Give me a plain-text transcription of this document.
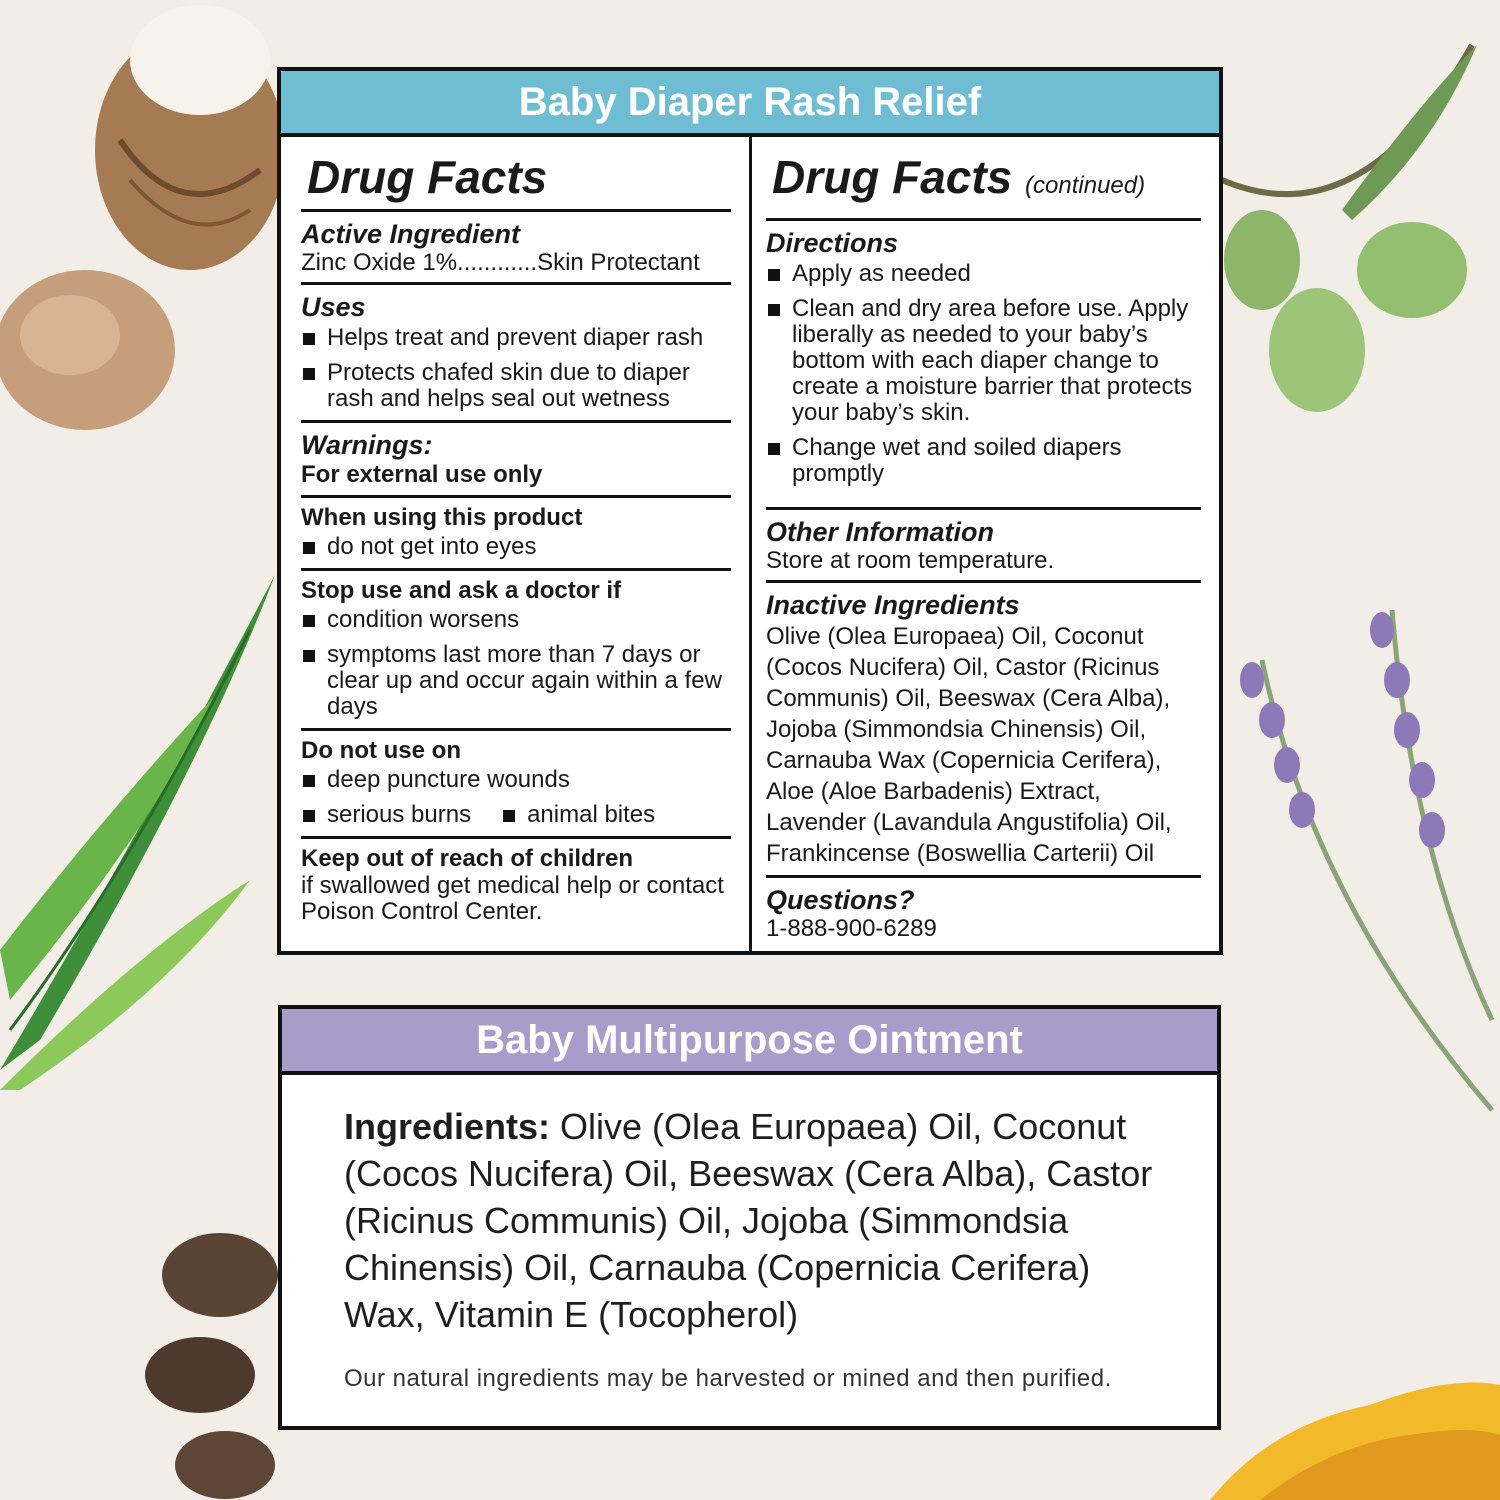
Baby Diaper Rash Relief
Drug Facts
Active Ingredient
Zinc Oxide 1%............Skin Protectant
Uses
Helps treat and prevent diaper rash
Protects chafed skin due to diaper rash and helps seal out wetness
Warnings:
For external use only
When using this product
do not get into eyes
Stop use and ask a doctor if
condition worsens
symptoms last more than 7 days or clear up and occur again within a few days
Do not use on
deep puncture wounds
serious burns	animal bites
Keep out of reach of children
if swallowed get medical help or contact Poison Control Center.
Drug Facts (continued)
Directions
Apply as needed
Clean and dry area before use. Apply liberally as needed to your baby’s bottom with each diaper change to create a moisture barrier that protects your baby’s skin.
Change wet and soiled diapers promptly
Other Information
Store at room temperature.
Inactive Ingredients
Olive (Olea Europaea) Oil, Coconut (Cocos Nucifera) Oil, Castor (Ricinus Communis) Oil, Beeswax (Cera Alba), Jojoba (Simmondsia Chinensis) Oil, Carnauba Wax (Copernicia Cerifera), Aloe (Aloe Barbadenis) Extract, Lavender (Lavandula Angustifolia) Oil, Frankincense (Boswellia Carterii) Oil
Questions?
1-888-900-6289
Baby Multipurpose Ointment
Ingredients: Olive (Olea Europaea) Oil, Coconut (Cocos Nucifera) Oil, Beeswax (Cera Alba), Castor (Ricinus Communis) Oil, Jojoba (Simmondsia Chinensis) Oil, Carnauba (Copernicia Cerifera) Wax, Vitamin E (Tocopherol)
Our natural ingredients may be harvested or mined and then purified.
